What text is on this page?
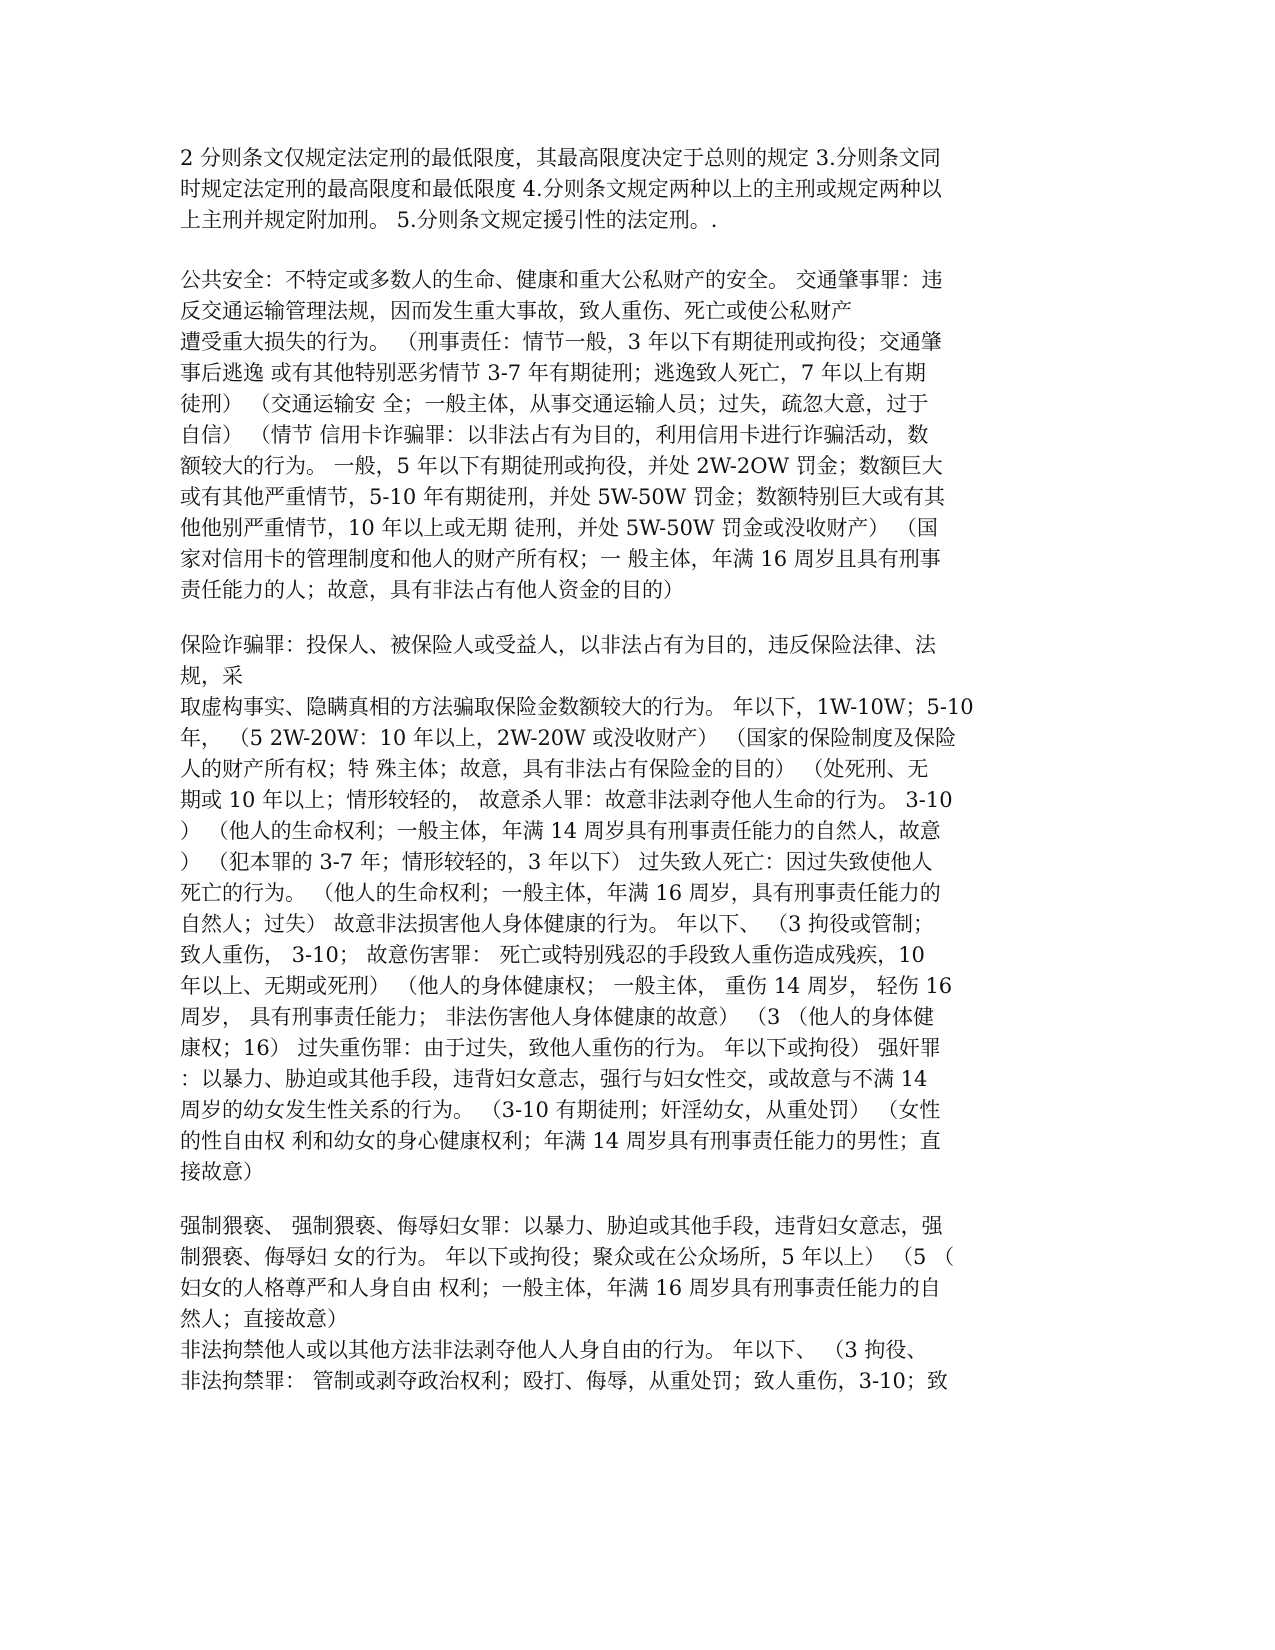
2 分则条文仅规定法定刑的最低限度，其最高限度决定于总则的规定 3.分则条文同
时规定法定刑的最高限度和最低限度 4.分则条文规定两种以上的主刑或规定两种以
上主刑并规定附加刑。 5.分则条文规定援引性的法定刑。.
公共安全：不特定或多数人的生命、健康和重大公私财产的安全。 交通肇事罪：违
反交通运输管理法规，因而发生重大事故，致人重伤、死亡或使公私财产
遭受重大损失的行为。 （刑事责任：情节一般，3 年以下有期徒刑或拘役；交通肇
事后逃逸 或有其他特别恶劣情节 3-7 年有期徒刑；逃逸致人死亡，7 年以上有期
徒刑） （交通运输安 全；一般主体，从事交通运输人员；过失，疏忽大意，过于
自信） （情节 信用卡诈骗罪：以非法占有为目的，利用信用卡进行诈骗活动，数
额较大的行为。 一般，5 年以下有期徒刑或拘役，并处 2W-2OW 罚金；数额巨大
或有其他严重情节，5-10 年有期徒刑，并处 5W-50W 罚金；数额特别巨大或有其
他他别严重情节，10 年以上或无期 徒刑，并处 5W-50W 罚金或没收财产） （国
家对信用卡的管理制度和他人的财产所有权；一 般主体，年满 16 周岁且具有刑事
责任能力的人；故意，具有非法占有他人资金的目的）
保险诈骗罪：投保人、被保险人或受益人，以非法占有为目的，违反保险法律、法
规，采
取虚构事实、隐瞒真相的方法骗取保险金数额较大的行为。 年以下，1W-10W；5-10
年， （5 2W-20W：10 年以上，2W-20W 或没收财产） （国家的保险制度及保险
人的财产所有权；特 殊主体；故意，具有非法占有保险金的目的） （处死刑、无
期或 10 年以上；情形较轻的， 故意杀人罪：故意非法剥夺他人生命的行为。 3-10
） （他人的生命权利；一般主体，年满 14 周岁具有刑事责任能力的自然人，故意
） （犯本罪的 3-7 年；情形较轻的，3 年以下） 过失致人死亡：因过失致使他人
死亡的行为。 （他人的生命权利；一般主体，年满 16 周岁，具有刑事责任能力的
自然人；过失） 故意非法损害他人身体健康的行为。 年以下、 （3 拘役或管制；
致人重伤， 3-10； 故意伤害罪： 死亡或特别残忍的手段致人重伤造成残疾，10
年以上、无期或死刑） （他人的身体健康权； 一般主体， 重伤 14 周岁， 轻伤 16
周岁， 具有刑事责任能力； 非法伤害他人身体健康的故意） （3 （他人的身体健
康权；16） 过失重伤罪：由于过失，致他人重伤的行为。 年以下或拘役） 强奸罪
：以暴力、胁迫或其他手段，违背妇女意志，强行与妇女性交，或故意与不满 14
周岁的幼女发生性关系的行为。 （3-10 有期徒刑；奸淫幼女，从重处罚） （女性
的性自由权 利和幼女的身心健康权利；年满 14 周岁具有刑事责任能力的男性；直
接故意）
强制猥亵、 强制猥亵、侮辱妇女罪：以暴力、胁迫或其他手段，违背妇女意志，强
制猥亵、侮辱妇 女的行为。 年以下或拘役；聚众或在公众场所，5 年以上） （5 （
妇女的人格尊严和人身自由 权利；一般主体，年满 16 周岁具有刑事责任能力的自
然人；直接故意）
非法拘禁他人或以其他方法非法剥夺他人人身自由的行为。 年以下、 （3 拘役、
非法拘禁罪： 管制或剥夺政治权利；殴打、侮辱，从重处罚；致人重伤，3-10；致
